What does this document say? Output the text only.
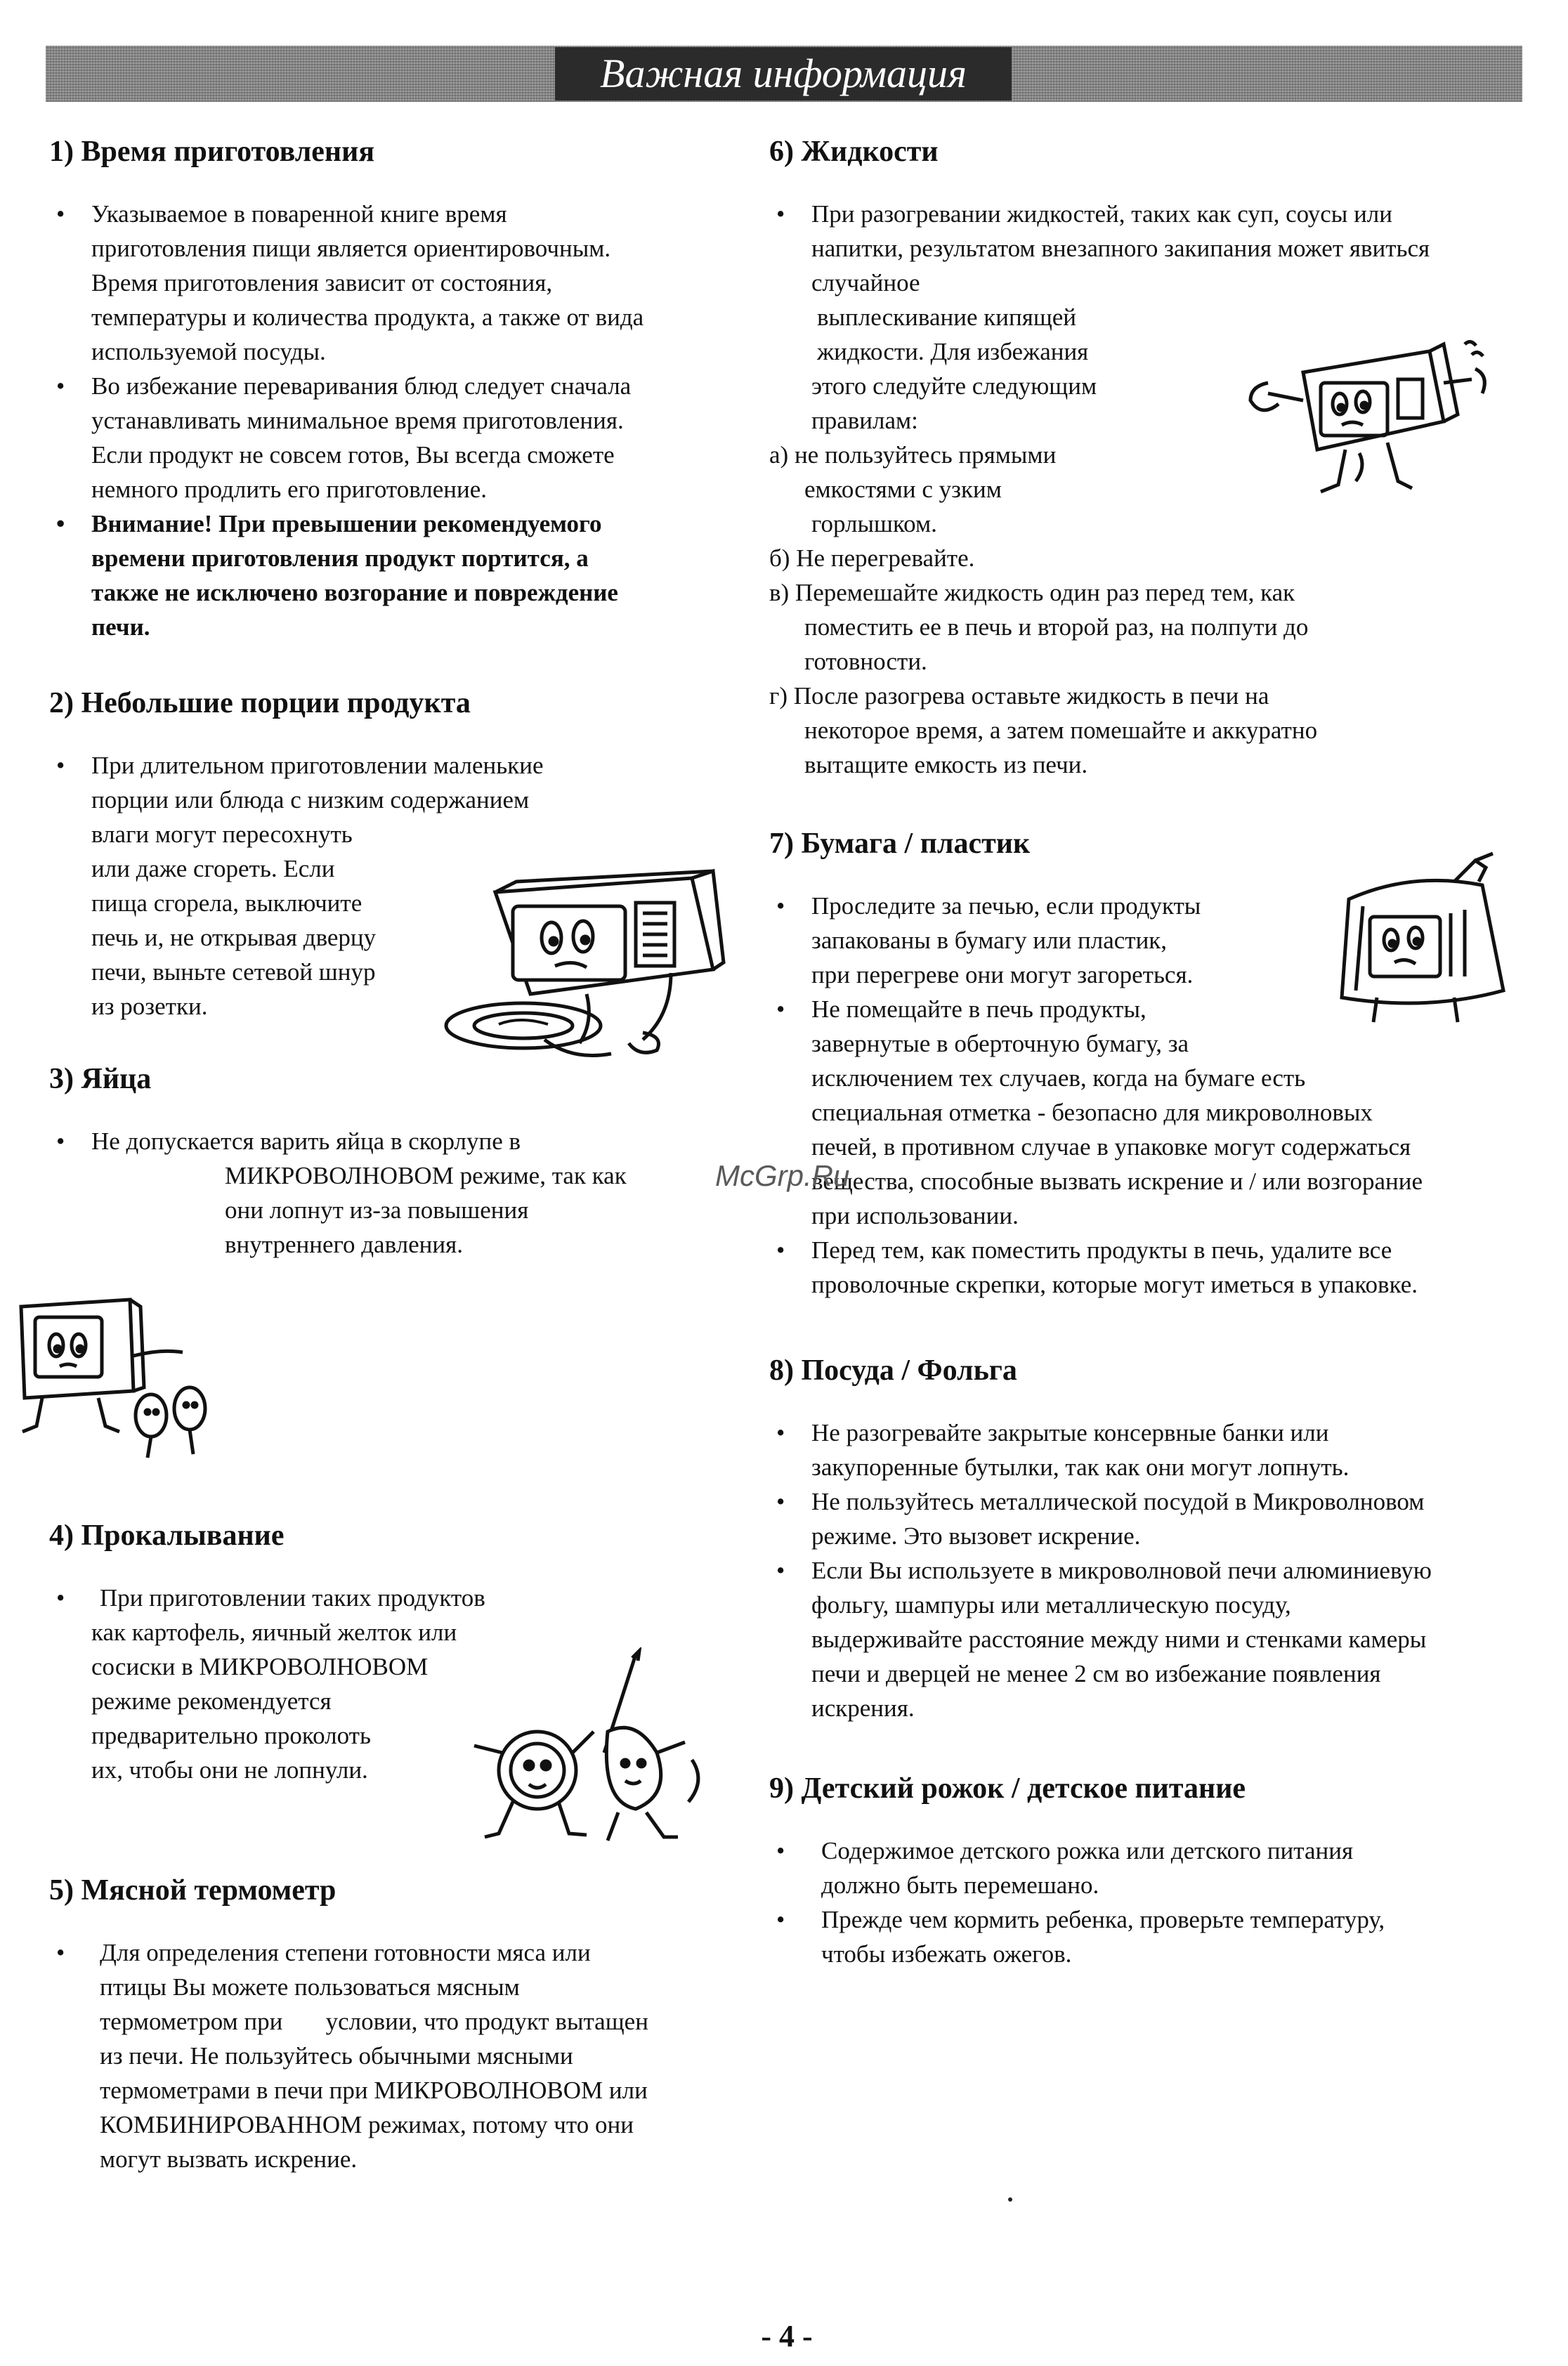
Важная информация
1) Время приготовления
• Указываемое в поваренной книге время
приготовления пищи является ориентировочным.
Время приготовления зависит от состояния,
температуры и количества продукта, а также от вида
используемой посуды.
• Во избежание переваривания блюд следует сначала
устанавливать минимальное время приготовления.
Если продукт не совсем готов, Вы всегда сможете
немного продлить его приготовление.
• Внимание! При превышении рекомендуемого
времени приготовления продукт портится, а
также не исключено возгорание и повреждение
печи.
2) Небольшие порции продукта
• При длительном приготовлении маленькие
порции или блюда с низким содержанием
влаги могут пересохнуть
или даже сгореть. Если
пища сгорела, выключите
печь и, не открывая дверцу
печи, выньте сетевой шнур
из розетки.
3) Яйца
• Не допускается варить яйца в скорлупе в
МИКРОВОЛНОВОМ режиме, так как
они лопнут из-за повышения
внутреннего давления.
4) Прокалывание
•	При приготовлении таких продуктов
как картофель, яичный желток или
сосиски в МИКРОВОЛНОВОМ
режиме рекомендуется
предварительно проколоть
их, чтобы они не лопнули.
5) Мясной термометр
•	Для определения степени готовности мяса или
птицы Вы можете пользоваться мясным
термометром при       условии, что продукт вытащен
из печи. Не пользуйтесь обычными мясными
термометрами в печи при МИКРОВОЛНОВОМ или
КОМБИНИРОВАННОМ режимах, потому что они
могут вызвать искрение.
6) Жидкости
• При разогревании жидкостей, таких как суп, соусы или
напитки, результатом внезапного закипания может явиться
случайное
выплескивание кипящей
жидкости. Для избежания
этого следуйте следующим
правилам:
а) не пользуйтесь прямыми
емкостями с узким
горлышком.
б) Не перегревайте.
в) Перемешайте жидкость один раз перед тем, как
поместить ее в печь и второй раз, на полпути до
готовности.
г) После разогрева оставьте жидкость в печи на
некоторое время, а затем помешайте и аккуратно
вытащите емкость из печи.
7) Бумага / пластик
• Проследите за печью, если продукты
запакованы в бумагу или пластик,
при перегреве они могут загореться.
• Не помещайте в печь продукты,
завернутые в оберточную бумагу, за
исключением тех случаев, когда на бумаге есть
специальная отметка - безопасно для микроволновых
печей, в противном случае в упаковке могут содержаться
вещества, способные вызвать искрение и / или возгорание
при использовании.
• Перед тем, как поместить продукты в печь, удалите все
проволочные скрепки, которые могут иметься в упаковке.
8) Посуда / Фольга
• Не разогревайте закрытые консервные банки или
закупоренные бутылки, так как они могут лопнуть.
• Не пользуйтесь металлической посудой в Микроволновом
режиме. Это вызовет искрение.
• Если Вы используете в микроволновой печи алюминиевую
фольгу, шампуры или металлическую посуду,
выдерживайте расстояние между ними и стенками камеры
печи и дверцей не менее 2 см во избежание появления
искрения.
9) Детский рожок / детское питание
•	Содержимое детского рожка или детского питания
должно быть перемешано.
•	Прежде чем кормить ребенка, проверьте температуру,
чтобы избежать ожегов.
McGrp.Ru
- 4 -
